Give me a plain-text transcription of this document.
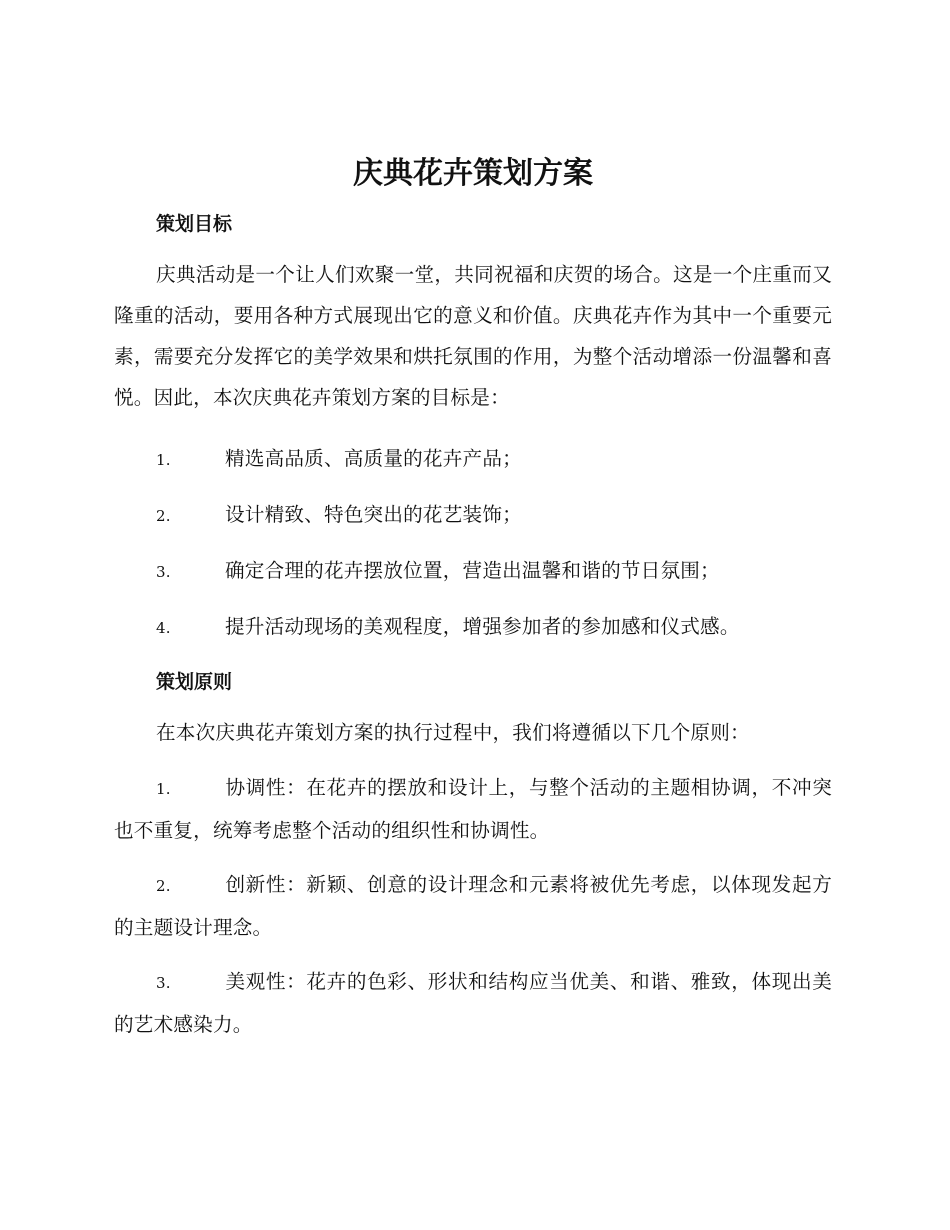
庆典花卉策划方案
策划目标

庆典活动是一个让人们欢聚一堂，共同祝福和庆贺的场合。这是一个庄重而又隆重的活动，要用各种方式展现出它的意义和价值。庆典花卉作为其中一个重要元素，需要充分发挥它的美学效果和烘托氛围的作用，为整个活动增添一份温馨和喜悦。因此，本次庆典花卉策划方案的目标是：

1.	精选高品质、高质量的花卉产品；
2.	设计精致、特色突出的花艺装饰；
3.	确定合理的花卉摆放位置，营造出温馨和谐的节日氛围；
4.	提升活动现场的美观程度，增强参加者的参加感和仪式感。
策划原则

在本次庆典花卉策划方案的执行过程中，我们将遵循以下几个原则：

1.	协调性：在花卉的摆放和设计上，与整个活动的主题相协调，不冲突也不重复，统筹考虑整个活动的组织性和协调性。
2.	创新性：新颖、创意的设计理念和元素将被优先考虑，以体现发起方的主题设计理念。
3.	美观性：花卉的色彩、形状和结构应当优美、和谐、雅致，体现出美的艺术感染力。
